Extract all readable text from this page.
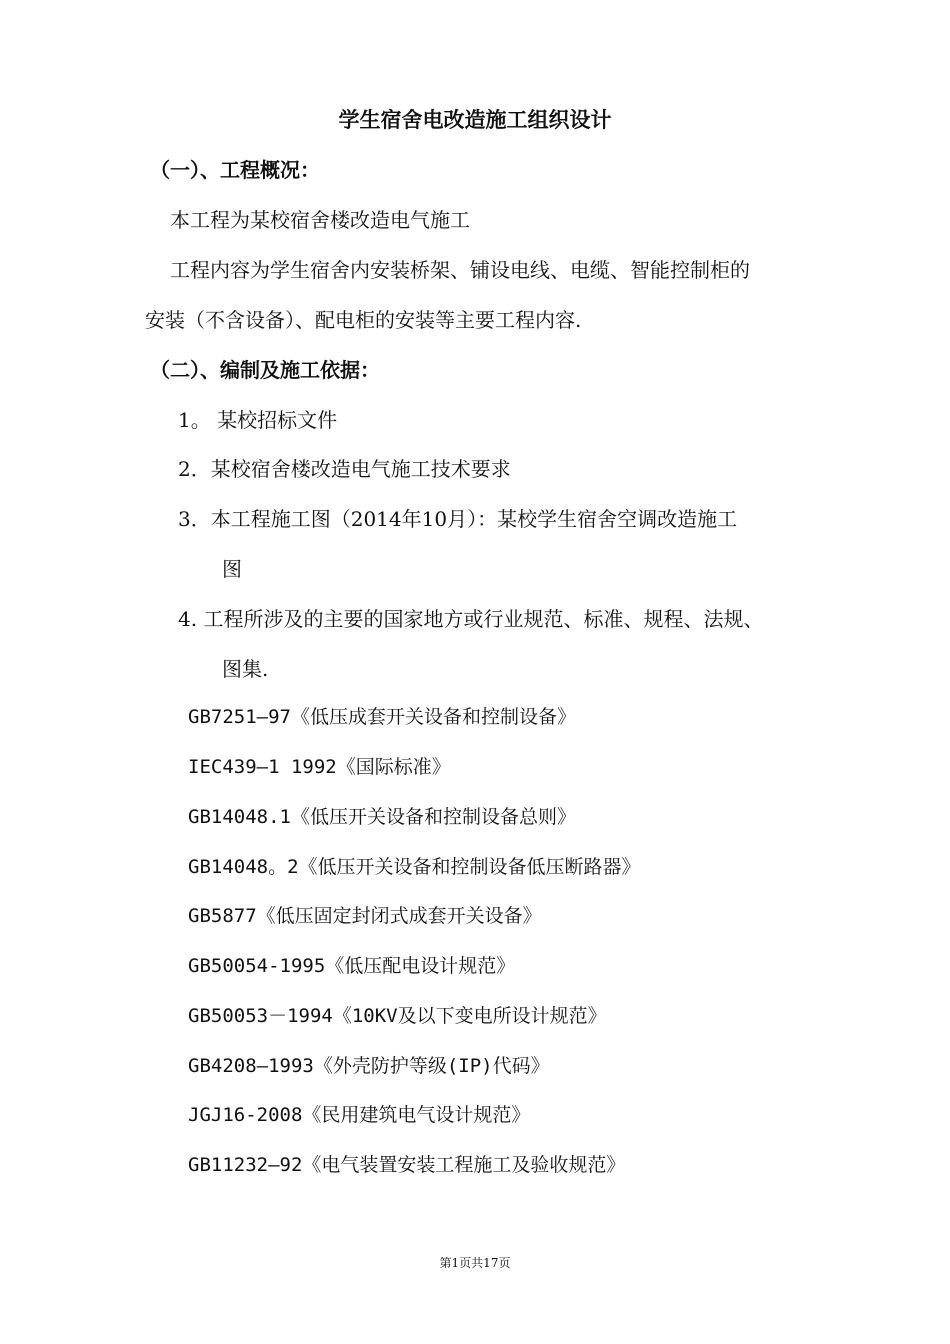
学生宿舍电改造施工组织设计
（一）、工程概况：
本工程为某校宿舍楼改造电气施工
工程内容为学生宿舍内安装桥架、铺设电线、电缆、智能控制柜的
安装（不含设备）、配电柜的安装等主要工程内容.
（二）、编制及施工依据：
1。 某校招标文件
2．某校宿舍楼改造电气施工技术要求
3．本工程施工图（2014年10月）：某校学生宿舍空调改造施工
图
4. 工程所涉及的主要的国家地方或行业规范、标准、规程、法规、
图集.
GB7251—97《低压成套开关设备和控制设备》
IEC439—1 1992《国际标准》
GB14048.1《低压开关设备和控制设备总则》
GB14048。2《低压开关设备和控制设备低压断路器》
GB5877《低压固定封闭式成套开关设备》
GB50054-1995《低压配电设计规范》
GB50053－1994《10KV及以下变电所设计规范》
GB4208—1993《外壳防护等级(IP)代码》
JGJ16-2008《民用建筑电气设计规范》
GB11232—92《电气装置安装工程施工及验收规范》
第1页共17页
